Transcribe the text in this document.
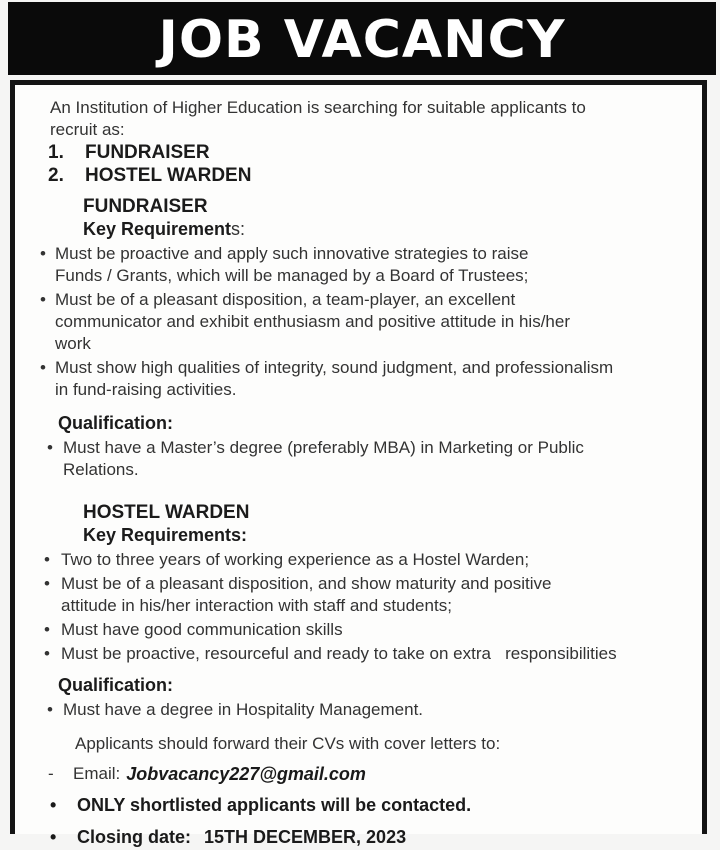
JOB VACANCY
An Institution of Higher Education is searching for suitable applicants to
recruit as:
1.	FUNDRAISER
2.	HOSTEL WARDEN
FUNDRAISER
Key Requirements:
• Must be proactive and apply such innovative strategies to raise
Funds / Grants, which will be managed by a Board of Trustees;
• Must be of a pleasant disposition, a team-player, an excellent
communicator and exhibit enthusiasm and positive attitude in his/her
work
• Must show high qualities of integrity, sound judgment, and professionalism
in fund-raising activities.
Qualification:
• Must have a Master’s degree (preferably MBA) in Marketing or Public
Relations.
HOSTEL WARDEN
Key Requirements:
• Two to three years of working experience as a Hostel Warden;
• Must be of a pleasant disposition, and show maturity and positive
attitude in his/her interaction with staff and students;
• Must have good communication skills
• Must be proactive, resourceful and ready to take on extra   responsibilities
Qualification:
• Must have a degree in Hospitality Management.
Applicants should forward their CVs with cover letters to:
-	Email: Jobvacancy227@gmail.com
•	ONLY shortlisted applicants will be contacted.
•	Closing date: 15TH DECEMBER, 2023
